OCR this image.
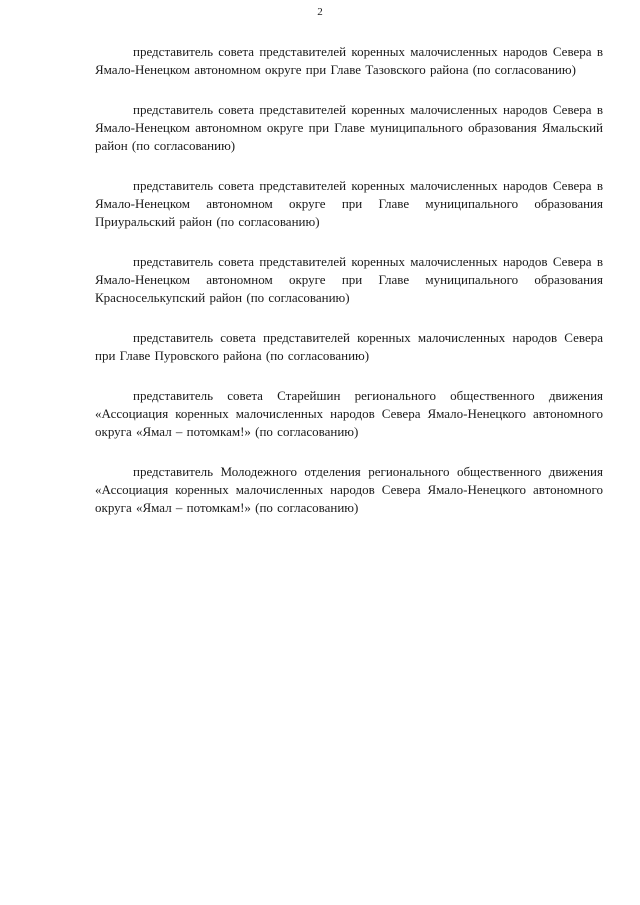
2

представитель совета представителей коренных малочисленных народов Севера в Ямало-Ненецком автономном округе при Главе Тазовского района (по согласованию)

представитель совета представителей коренных малочисленных народов Севера в Ямало-Ненецком автономном округе при Главе муниципального образования Ямальский район (по согласованию)

представитель совета представителей коренных малочисленных народов Севера в Ямало-Ненецком автономном округе при Главе муниципального образования Приуральский район (по согласованию)

представитель совета представителей коренных малочисленных народов Севера в Ямало-Ненецком автономном округе при Главе муниципального образования Красноселькупский район (по согласованию)

представитель совета представителей коренных малочисленных народов Севера при Главе Пуровского района (по согласованию)

представитель совета Старейшин регионального общественного движения «Ассоциация коренных малочисленных народов Севера Ямало-Ненецкого автономного округа «Ямал – потомкам!» (по согласованию)

представитель Молодежного отделения регионального общественного движения «Ассоциация коренных малочисленных народов Севера Ямало-Ненецкого автономного округа «Ямал – потомкам!» (по согласованию)
